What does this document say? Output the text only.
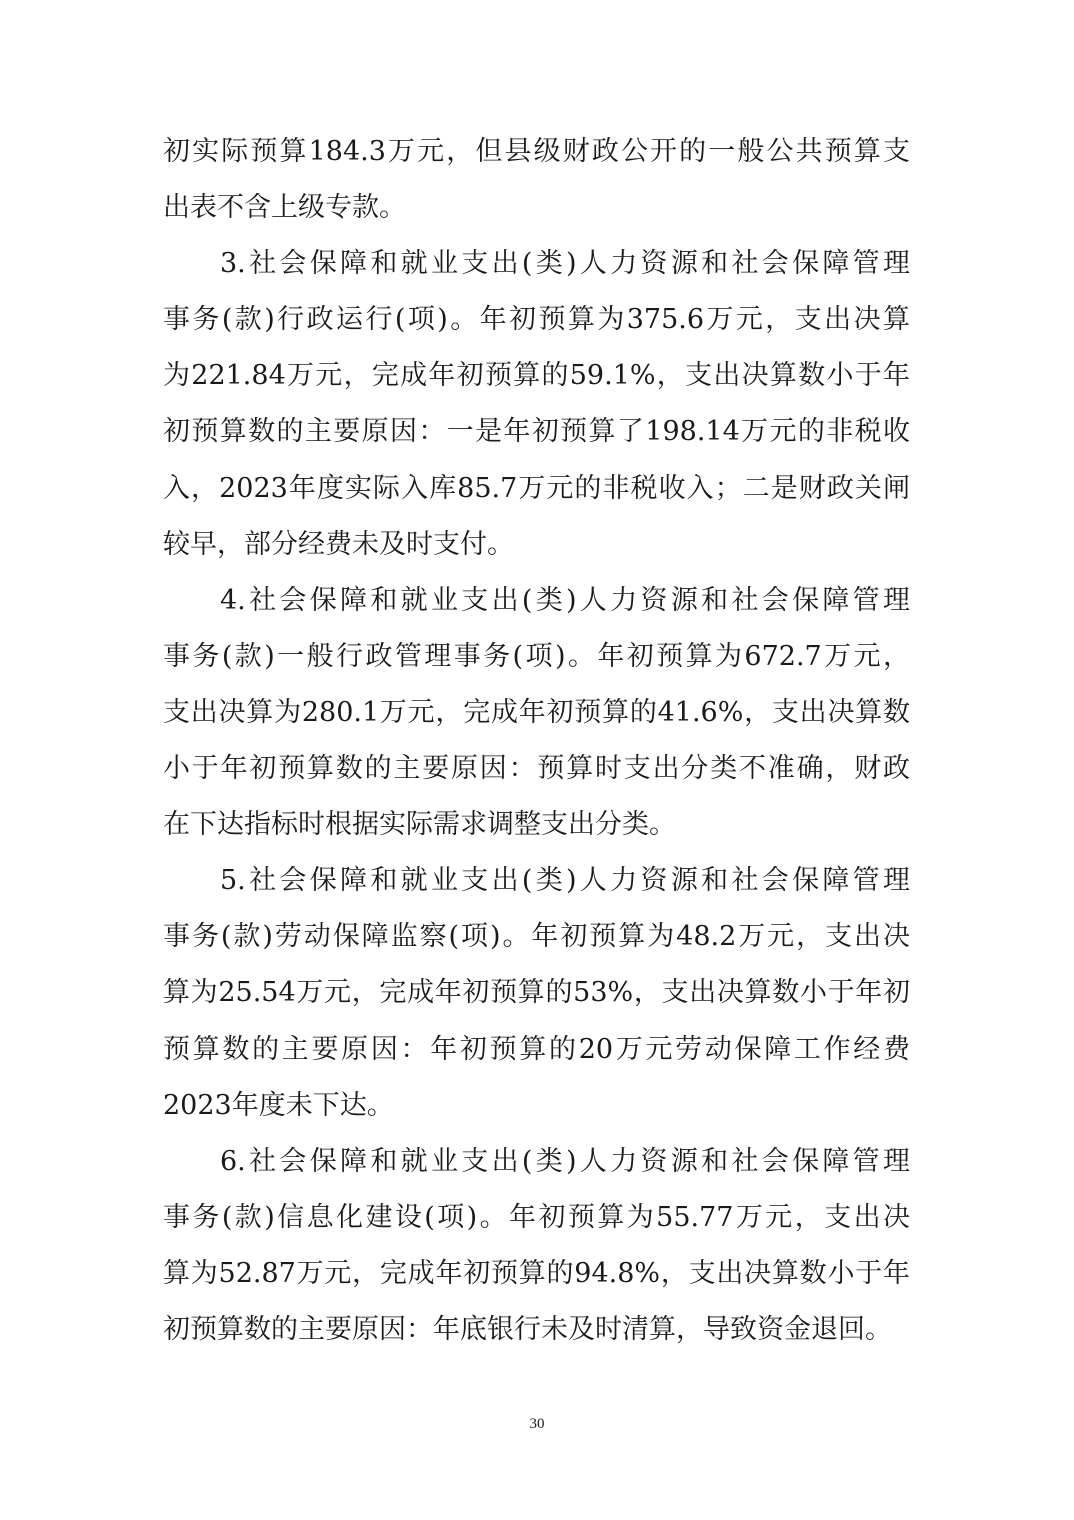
初实际预算184.3万元，但县级财政公开的一般公共预算支
出表不含上级专款。
3.社会保障和就业支出(类)人力资源和社会保障管理
事务(款)行政运行(项)。年初预算为375.6万元，支出决算
为221.84万元，完成年初预算的59.1%，支出决算数小于年
初预算数的主要原因：一是年初预算了198.14万元的非税收
入，2023年度实际入库85.7万元的非税收入；二是财政关闸
较早，部分经费未及时支付。
4.社会保障和就业支出(类)人力资源和社会保障管理
事务(款)一般行政管理事务(项)。年初预算为672.7万元，
支出决算为280.1万元，完成年初预算的41.6%，支出决算数
小于年初预算数的主要原因：预算时支出分类不准确，财政
在下达指标时根据实际需求调整支出分类。
5.社会保障和就业支出(类)人力资源和社会保障管理
事务(款)劳动保障监察(项)。年初预算为48.2万元，支出决
算为25.54万元，完成年初预算的53%，支出决算数小于年初
预算数的主要原因：年初预算的20万元劳动保障工作经费
2023年度未下达。
6.社会保障和就业支出(类)人力资源和社会保障管理
事务(款)信息化建设(项)。年初预算为55.77万元，支出决
算为52.87万元，完成年初预算的94.8%，支出决算数小于年
初预算数的主要原因：年底银行未及时清算，导致资金退回。
30
